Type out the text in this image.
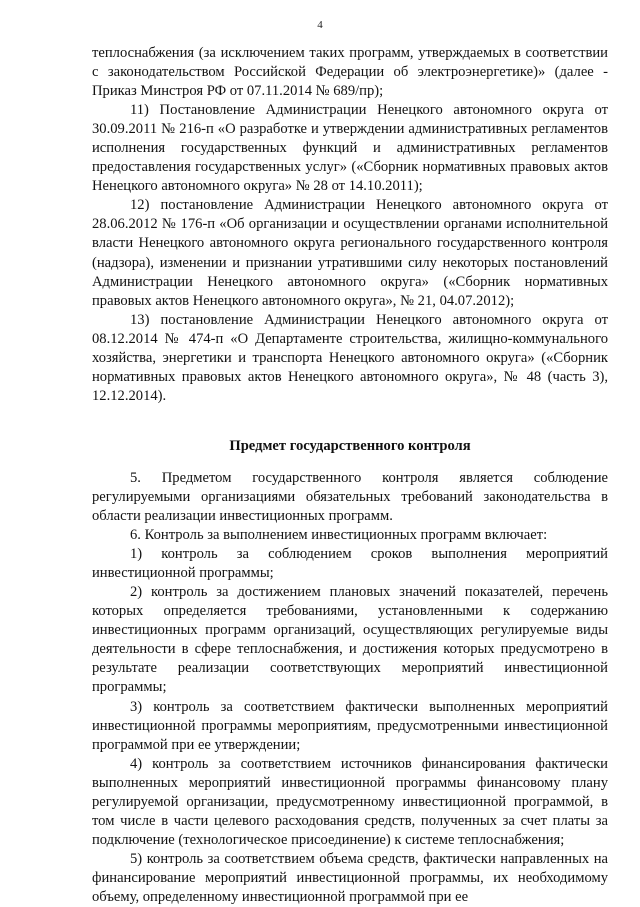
4

теплоснабжения (за исключением таких программ, утверждаемых в соответствии с законодательством Российской Федерации об электроэнергетике)» (далее - Приказ Минстроя РФ от 07.11.2014 № 689/пр);

11) Постановление Администрации Ненецкого автономного округа от 30.09.2011 № 216-п «О разработке и утверждении административных регламентов исполнения государственных функций и административных регламентов предоставления государственных услуг» («Сборник нормативных правовых актов Ненецкого автономного округа» № 28 от 14.10.2011);

12) постановление Администрации Ненецкого автономного округа от 28.06.2012 № 176-п «Об организации и осуществлении органами исполнительной власти Ненецкого автономного округа регионального государственного контроля (надзора), изменении и признании утратившими силу некоторых постановлений Администрации Ненецкого автономного округа» («Сборник нормативных правовых актов Ненецкого автономного округа», № 21, 04.07.2012);

13) постановление Администрации Ненецкого автономного округа от 08.12.2014 № 474-п «О Департаменте строительства, жилищно-коммунального хозяйства, энергетики и транспорта Ненецкого автономного округа» («Сборник нормативных правовых актов Ненецкого автономного округа», № 48 (часть 3), 12.12.2014).

Предмет государственного контроля

5. Предметом государственного контроля является соблюдение регулируемыми организациями обязательных требований законодательства в области реализации инвестиционных программ.

6. Контроль за выполнением инвестиционных программ включает:

1) контроль за соблюдением сроков выполнения мероприятий инвестиционной программы;

2) контроль за достижением плановых значений показателей, перечень которых определяется требованиями, установленными к содержанию инвестиционных программ организаций, осуществляющих регулируемые виды деятельности в сфере теплоснабжения, и достижения которых предусмотрено в результате реализации соответствующих мероприятий инвестиционной программы;

3) контроль за соответствием фактически выполненных мероприятий инвестиционной программы мероприятиям, предусмотренными инвестиционной программой при ее утверждении;

4) контроль за соответствием источников финансирования фактически выполненных мероприятий инвестиционной программы финансовому плану регулируемой организации, предусмотренному инвестиционной программой, в том числе в части целевого расходования средств, полученных за счет платы за подключение (технологическое присоединение) к системе теплоснабжения;

5) контроль за соответствием объема средств, фактически направленных на финансирование мероприятий инвестиционной программы, их необходимому объему, определенному инвестиционной программой при ее
